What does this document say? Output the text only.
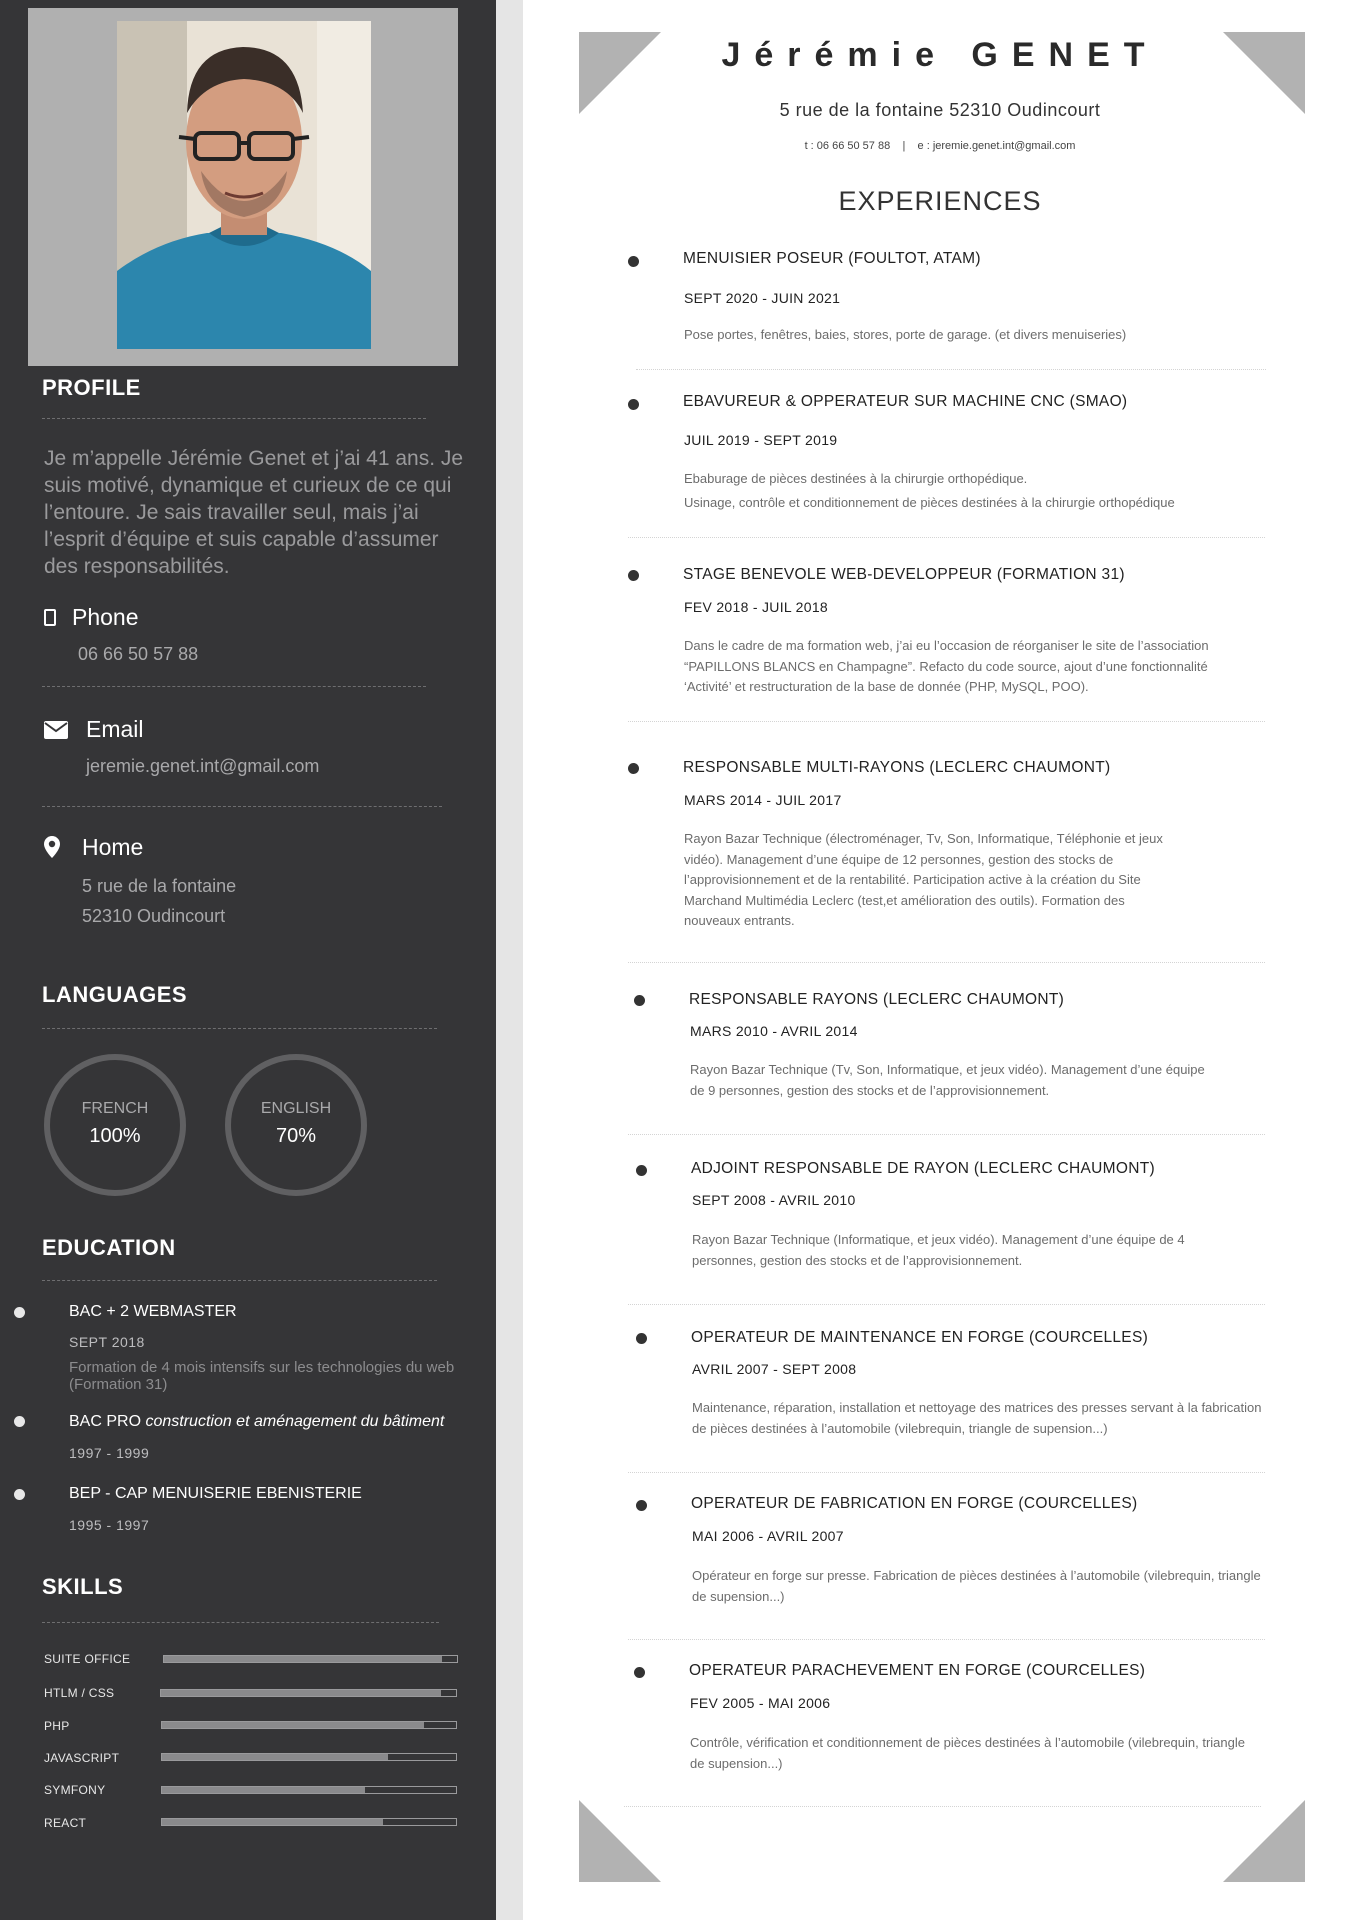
PROFILE
Je m’appelle Jérémie Genet et j’ai 41 ans. Je suis motivé, dynamique et curieux de ce qui l’entoure. Je sais travailler seul, mais j’ai l’esprit d’équipe et suis capable d’assumer des responsabilités.
Phone
06 66 50 57 88
Email
jeremie.genet.int@gmail.com
Home
5 rue de la fontaine
52310 Oudincourt
LANGUAGES
FRENCH
100%
ENGLISH
70%
EDUCATION
BAC + 2 WEBMASTER
SEPT 2018
Formation de 4 mois intensifs sur les technologies du web (Formation 31)
BAC PRO construction et aménagement du bâtiment
1997 - 1999
BEP - CAP MENUISERIE EBENISTERIE
1995 - 1997
SKILLS
SUITE OFFICE
HTLM / CSS
PHP
JAVASCRIPT
SYMFONY
REACT
Jérémie GENET
5 rue de la fontaine 52310 Oudincourt
t : 06 66 50 57 88 | e : jeremie.genet.int@gmail.com
EXPERIENCES
MENUISIER POSEUR (FOULTOT, ATAM)
SEPT 2020 - JUIN 2021
Pose portes, fenêtres, baies, stores, porte de garage. (et divers menuiseries)
EBAVUREUR & OPPERATEUR SUR MACHINE CNC (SMAO)
JUIL 2019 - SEPT 2019
Ebaburage de pièces destinées à la chirurgie orthopédique.
Usinage, contrôle et conditionnement de pièces destinées à la chirurgie orthopédique
STAGE BENEVOLE WEB-DEVELOPPEUR (FORMATION 31)
FEV 2018 - JUIL 2018
Dans le cadre de ma formation web, j’ai eu l’occasion de réorganiser le site de l’association “PAPILLONS BLANCS en Champagne”. Refacto du code source, ajout d’une fonctionnalité ‘Activité’ et restructuration de la base de donnée (PHP, MySQL, POO).
RESPONSABLE MULTI-RAYONS (LECLERC CHAUMONT)
MARS 2014 - JUIL 2017
Rayon Bazar Technique (électroménager, Tv, Son, Informatique, Téléphonie et jeux vidéo). Management d’une équipe de 12 personnes, gestion des stocks de l’approvisionnement et de la rentabilité. Participation active à la création du Site Marchand Multimédia Leclerc (test,et amélioration des outils). Formation des nouveaux entrants.
RESPONSABLE RAYONS (LECLERC CHAUMONT)
MARS 2010 - AVRIL 2014
Rayon Bazar Technique (Tv, Son, Informatique, et jeux vidéo). Management d’une équipe de 9 personnes, gestion des stocks et de l’approvisionnement.
ADJOINT RESPONSABLE DE RAYON (LECLERC CHAUMONT)
SEPT 2008 - AVRIL 2010
Rayon Bazar Technique (Informatique, et jeux vidéo). Management d’une équipe de 4 personnes, gestion des stocks et de l’approvisionnement.
OPERATEUR DE MAINTENANCE EN FORGE (COURCELLES)
AVRIL 2007 - SEPT 2008
Maintenance, réparation, installation et nettoyage des matrices des presses servant à la fabrication de pièces destinées à l’automobile (vilebrequin, triangle de supension...)
OPERATEUR DE FABRICATION EN FORGE (COURCELLES)
MAI 2006 - AVRIL 2007
Opérateur en forge sur presse. Fabrication de pièces destinées à l’automobile (vilebrequin, triangle de supension...)
OPERATEUR PARACHEVEMENT EN FORGE (COURCELLES)
FEV 2005 - MAI 2006
Contrôle, vérification et conditionnement de pièces destinées à l’automobile (vilebrequin, triangle de supension...)
